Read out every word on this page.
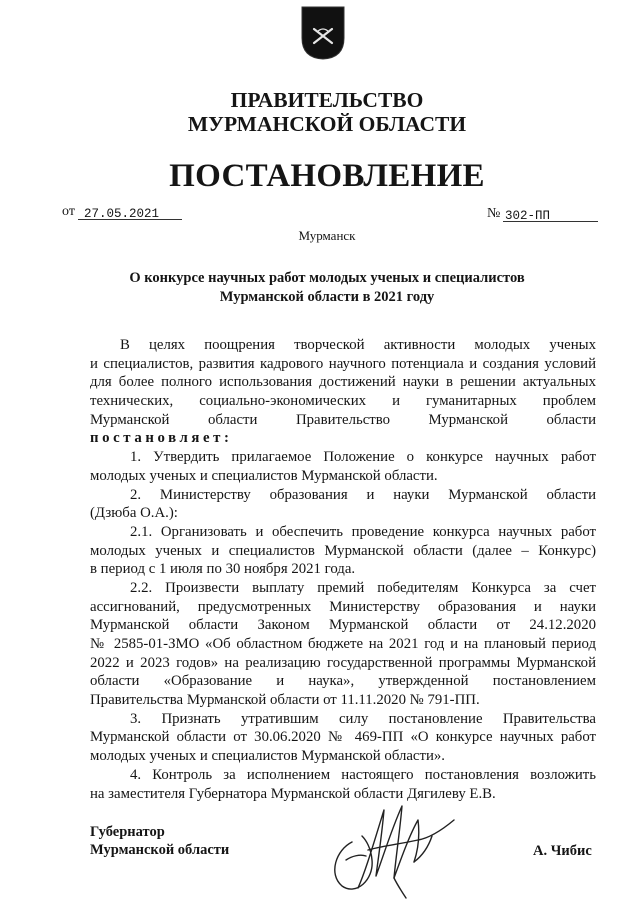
ПРАВИТЕЛЬСТВО
МУРМАНСКОЙ ОБЛАСТИ
ПОСТАНОВЛЕНИЕ
от 27.05.2021	№ 302-ПП
Мурманск
О конкурсе научных работ молодых ученых и специалистов
Мурманской области в 2021 году
В целях поощрения творческой активности молодых ученых
и специалистов, развития кадрового научного потенциала и создания условий
для более полного использования достижений науки в решении актуальных
технических, социально-экономических и гуманитарных проблем
Мурманской области Правительство Мурманской области
постановляет:
1. Утвердить прилагаемое Положение о конкурсе научных работ
молодых ученых и специалистов Мурманской области.
2. Министерству образования и науки Мурманской области
(Дзюба О.А.):
2.1. Организовать и обеспечить проведение конкурса научных работ
молодых ученых и специалистов Мурманской области (далее – Конкурс)
в период с 1 июля по 30 ноября 2021 года.
2.2. Произвести выплату премий победителям Конкурса за счет
ассигнований, предусмотренных Министерству образования и науки
Мурманской области Законом Мурманской области от 24.12.2020
№ 2585-01-ЗМО «Об областном бюджете на 2021 год и на плановый период
2022 и 2023 годов» на реализацию государственной программы Мурманской
области «Образование и наука», утвержденной постановлением
Правительства Мурманской области от 11.11.2020 № 791-ПП.
3. Признать утратившим силу постановление Правительства
Мурманской области от 30.06.2020 № 469-ПП «О конкурсе научных работ
молодых ученых и специалистов Мурманской области».
4. Контроль за исполнением настоящего постановления возложить
на заместителя Губернатора Мурманской области Дягилеву Е.В.
Губернатор
Мурманской области	А. Чибис
